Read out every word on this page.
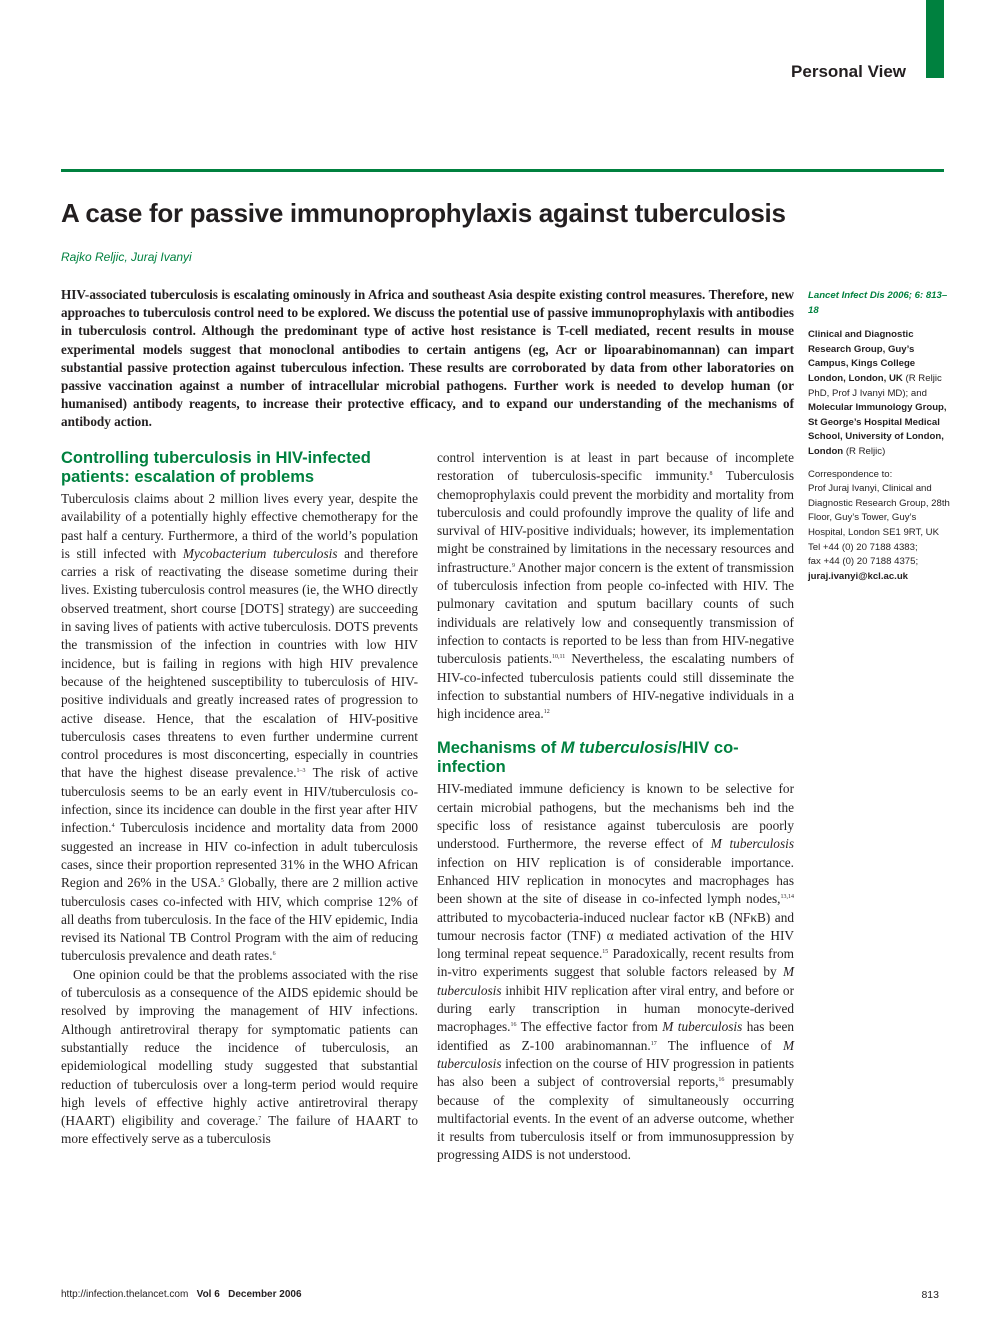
Personal View
A case for passive immunoprophylaxis against tuberculosis
Rajko Reljic, Juraj Ivanyi

HIV-associated tuberculosis is escalating ominously in Africa and southeast Asia despite existing control measures. Therefore, new approaches to tuberculosis control need to be explored. We discuss the potential use of passive immunoprophylaxis with antibodies in tuberculosis control. Although the predominant type of active host resistance is T-cell mediated, recent results in mouse experimental models suggest that monoclonal antibodies to certain antigens (eg, Acr or lipoarabinomannan) can impart substantial passive protection against tuberculous infection. These results are corroborated by data from other laboratories on passive vaccination against a number of intracellular microbial pathogens. Further work is needed to develop human (or humanised) antibody reagents, to increase their protective efficacy, and to expand our understanding of the mechanisms of antibody action.

Controlling tuberculosis in HIV-infected patients: escalation of problems

Tuberculosis claims about 2 million lives every year, despite the availability of a potentially highly effective chemotherapy for the past half a century. Furthermore, a third of the world’s population is still infected with Mycobacterium tuberculosis and therefore carries a risk of reactivating the disease sometime during their lives. Existing tuberculosis control measures (ie, the WHO directly observed treatment, short course [DOTS] strategy) are succeeding in saving lives of patients with active tuberculosis. DOTS prevents the transmission of the infection in countries with low HIV incidence, but is failing in regions with high HIV prevalence because of the heightened susceptibility to tuberculosis of HIV-positive individuals and greatly increased rates of progression to active disease. Hence, that the escalation of HIV-positive tuberculosis cases threatens to even further undermine current control procedures is most disconcerting, especially in countries that have the highest disease prevalence.$^{1-3}$ The risk of active tuberculosis seems to be an early event in HIV/tuberculosis co-infection, since its incidence can double in the first year after HIV infection.$^4$ Tuberculosis incidence and mortality data from 2000 suggested an increase in HIV co-infection in adult tuberculosis cases, since their proportion represented 31% in the WHO African Region and 26% in the USA.$^5$ Globally, there are 2 million active tuberculosis cases co-infected with HIV, which comprise 12% of all deaths from tuberculosis. In the face of the HIV epidemic, India revised its National TB Control Program with the aim of reducing tuberculosis prevalence and death rates.$^6$

One opinion could be that the problems associated with the rise of tuberculosis as a consequence of the AIDS epidemic should be resolved by improving the management of HIV infections. Although antiretroviral therapy for symptomatic patients can substantially reduce the incidence of tuberculosis, an epidemiological modelling study suggested that substantial reduction of tuberculosis over a long-term period would require high levels of effective highly active antiretroviral therapy (HAART) eligibility and coverage.$^7$ The failure of HAART to more effectively serve as a tuberculosis

control intervention is at least in part because of incomplete restoration of tuberculosis-specific immunity.$^8$ Tuberculosis chemoprophylaxis could prevent the morbidity and mortality from tuberculosis and could profoundly improve the quality of life and survival of HIV-positive individuals; however, its implementation might be constrained by limitations in the necessary resources and infrastructure.$^9$ Another major concern is the extent of transmission of tuberculosis infection from people co-infected with HIV. The pulmonary cavitation and sputum bacillary counts of such individuals are relatively low and consequently transmission of infection to contacts is reported to be less than from HIV-negative tuberculosis patients.$^{10,11}$ Nevertheless, the escalating numbers of HIV-co-infected tuberculosis patients could still disseminate the infection to substantial numbers of HIV-negative individuals in a high incidence area.$^{12}$

Mechanisms of M tuberculosis/HIV co-infection

HIV-mediated immune deficiency is known to be selective for certain microbial pathogens, but the mechanisms beh ind the specific loss of resistance against tuberculosis are poorly understood. Furthermore, the reverse effect of M tuberculosis infection on HIV replication is of considerable importance. Enhanced HIV replication in monocytes and macrophages has been shown at the site of disease in co-infected lymph nodes,$^{13,14}$ attributed to mycobacteria-induced nuclear factor κB (NFκB) and tumour necrosis factor (TNF) α mediated activation of the HIV long terminal repeat sequence.$^{15}$ Paradoxically, recent results from in-vitro experiments suggest that soluble factors released by M tuberculosis inhibit HIV replication after viral entry, and before or during early transcription in human monocyte-derived macrophages.$^{16}$ The effective factor from M tuberculosis has been identified as Z-100 arabinomannan.$^{17}$ The influence of M tuberculosis infection on the course of HIV progression in patients has also been a subject of controversial reports,$^{16}$ presumably because of the complexity of simultaneously occurring multifactorial events. In the event of an adverse outcome, whether it results from tuberculosis itself or from immunosuppression by progressing AIDS is not understood.

Lancet Infect Dis 2006; 6: 813–18
Clinical and Diagnostic Research Group, Guy’s Campus, Kings College London, London, UK (R Reljic PhD, Prof J Ivanyi MD); and Molecular Immunology Group, St George’s Hospital Medical School, University of London, London (R Reljic)
Correspondence to:
Prof Juraj Ivanyi, Clinical and Diagnostic Research Group, 28th Floor, Guy’s Tower, Guy’s Hospital, London SE1 9RT, UK
Tel +44 (0) 20 7188 4383;
fax +44 (0) 20 7188 4375;
juraj.ivanyi@kcl.ac.uk
http://infection.thelancet.com Vol 6 December 2006	813
